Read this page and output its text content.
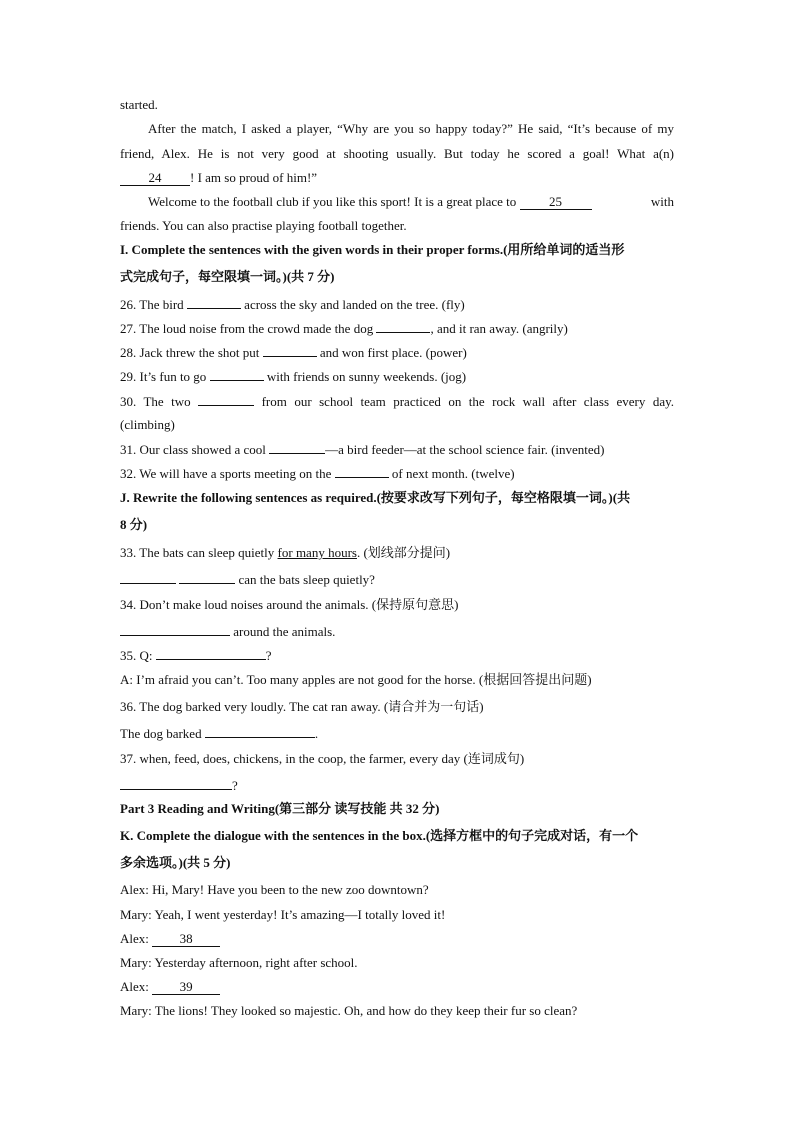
started.
After the match, I asked a player, “Why are you so happy today?” He said, “It’s because of my
friend, Alex. He is not very good at shooting usually. But today he scored a goal! What a(n)
24 ! I am so proud of him!”
Welcome to the football club if you like this sport! It is a great place to	25	with
friends. You can also practise playing football together.
I. Complete the sentences with the given words in their proper forms.(用所给单词的适当形
式完成句子，每空限填一词。)(共 7 分)
26. The bird	across the sky and landed on the tree. (fly)
27. The loud noise from the crowd made the dog	, and it ran away. (angrily)
28. Jack threw the shot put	and won first place. (power)
29. It’s fun to go	with friends on sunny weekends. (jog)
30. The two	from our school team practiced on the rock wall after class every day.
(climbing)
31. Our class showed a cool	—a bird feeder—at the school science fair. (invented)
32. We will have a sports meeting on the	of next month. (twelve)
J. Rewrite the following sentences as required.(按要求改写下列句子，每空格限填一词。)(共
8 分)
33. The bats can sleep quietly for many hours. (划线部分提问)
can the bats sleep quietly?
34. Don’t make loud noises around the animals. (保持原句意思)
around the animals.
35. Q:	?
A: I’m afraid you can’t. Too many apples are not good for the horse. (根据回答提出问题)
36. The dog barked very loudly. The cat ran away. (请合并为一句话)
The dog barked	.
37. when, feed, does, chickens, in the coop, the farmer, every day (连词成句)
?
Part 3 Reading and Writing(第三部分 读写技能 共 32 分)
K. Complete the dialogue with the sentences in the box.(选择方框中的句子完成对话，有一个
多余选项。)(共 5 分)
Alex: Hi, Mary! Have you been to the new zoo downtown?
Mary: Yeah, I went yesterday! It’s amazing—I totally loved it!
Alex: 38
Mary: Yesterday afternoon, right after school.
Alex: 39
Mary: The lions! They looked so majestic. Oh, and how do they keep their fur so clean?
